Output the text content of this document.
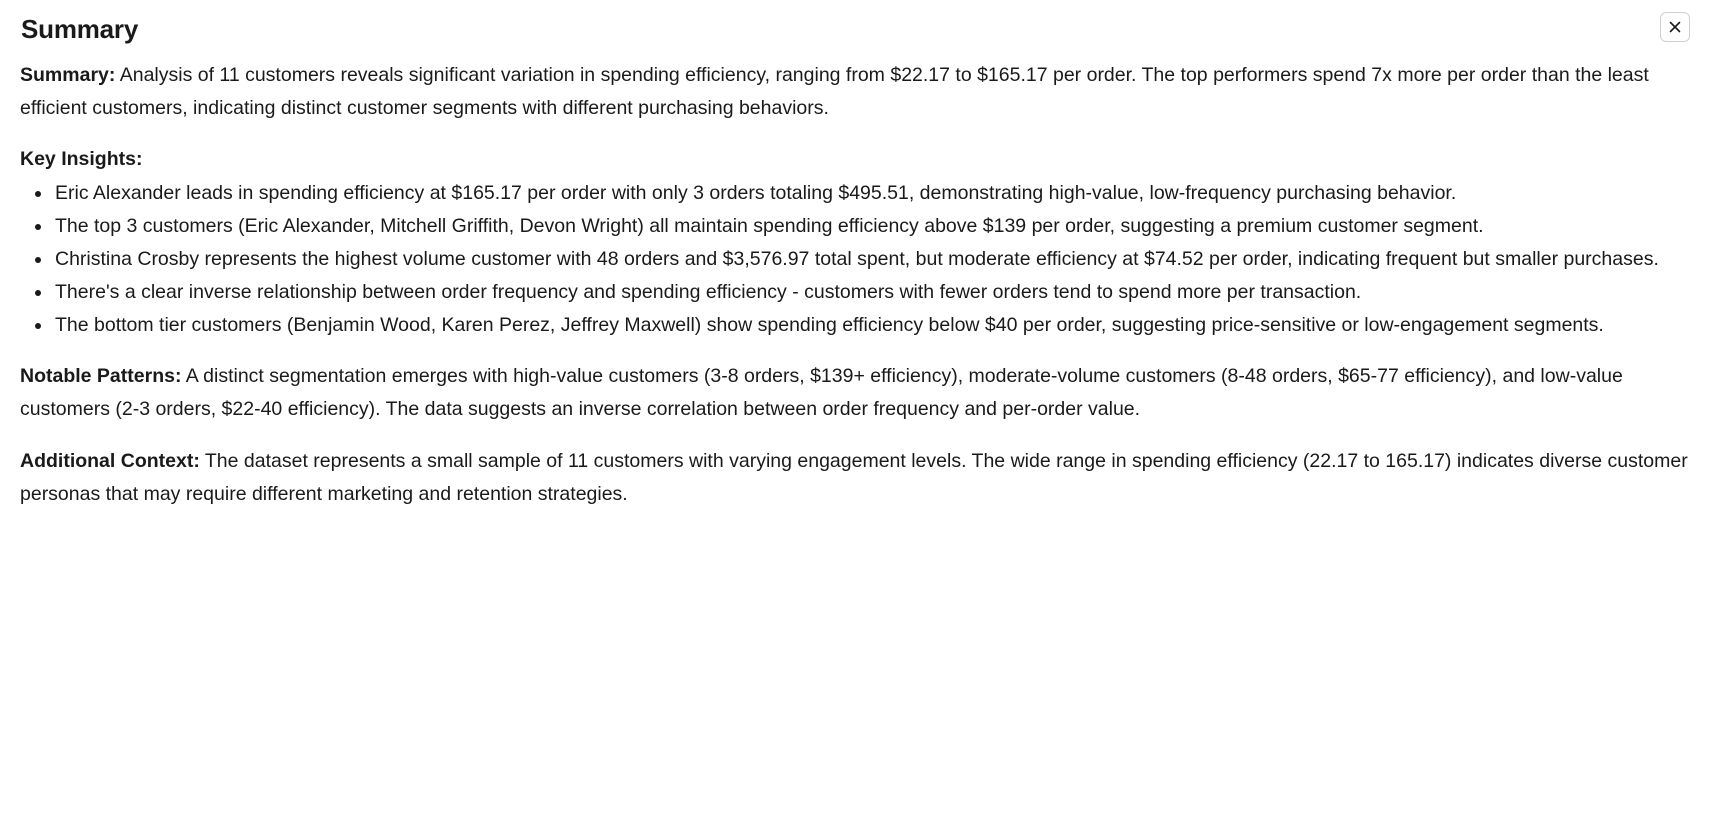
Summary

Summary: Analysis of 11 customers reveals significant variation in spending efficiency, ranging from $22.17 to $165.17 per order. The top performers spend 7x more per order than the least efficient customers, indicating distinct customer segments with different purchasing behaviors.

Key Insights:

• Eric Alexander leads in spending efficiency at $165.17 per order with only 3 orders totaling $495.51, demonstrating high-value, low-frequency purchasing behavior.
• The top 3 customers (Eric Alexander, Mitchell Griffith, Devon Wright) all maintain spending efficiency above $139 per order, suggesting a premium customer segment.
• Christina Crosby represents the highest volume customer with 48 orders and $3,576.97 total spent, but moderate efficiency at $74.52 per order, indicating frequent but smaller purchases.
• There's a clear inverse relationship between order frequency and spending efficiency - customers with fewer orders tend to spend more per transaction.
• The bottom tier customers (Benjamin Wood, Karen Perez, Jeffrey Maxwell) show spending efficiency below $40 per order, suggesting price-sensitive or low-engagement segments.

Notable Patterns: A distinct segmentation emerges with high-value customers (3-8 orders, $139+ efficiency), moderate-volume customers (8-48 orders, $65-77 efficiency), and low-value customers (2-3 orders, $22-40 efficiency). The data suggests an inverse correlation between order frequency and per-order value.

Additional Context: The dataset represents a small sample of 11 customers with varying engagement levels. The wide range in spending efficiency (22.17 to 165.17) indicates diverse customer personas that may require different marketing and retention strategies.
